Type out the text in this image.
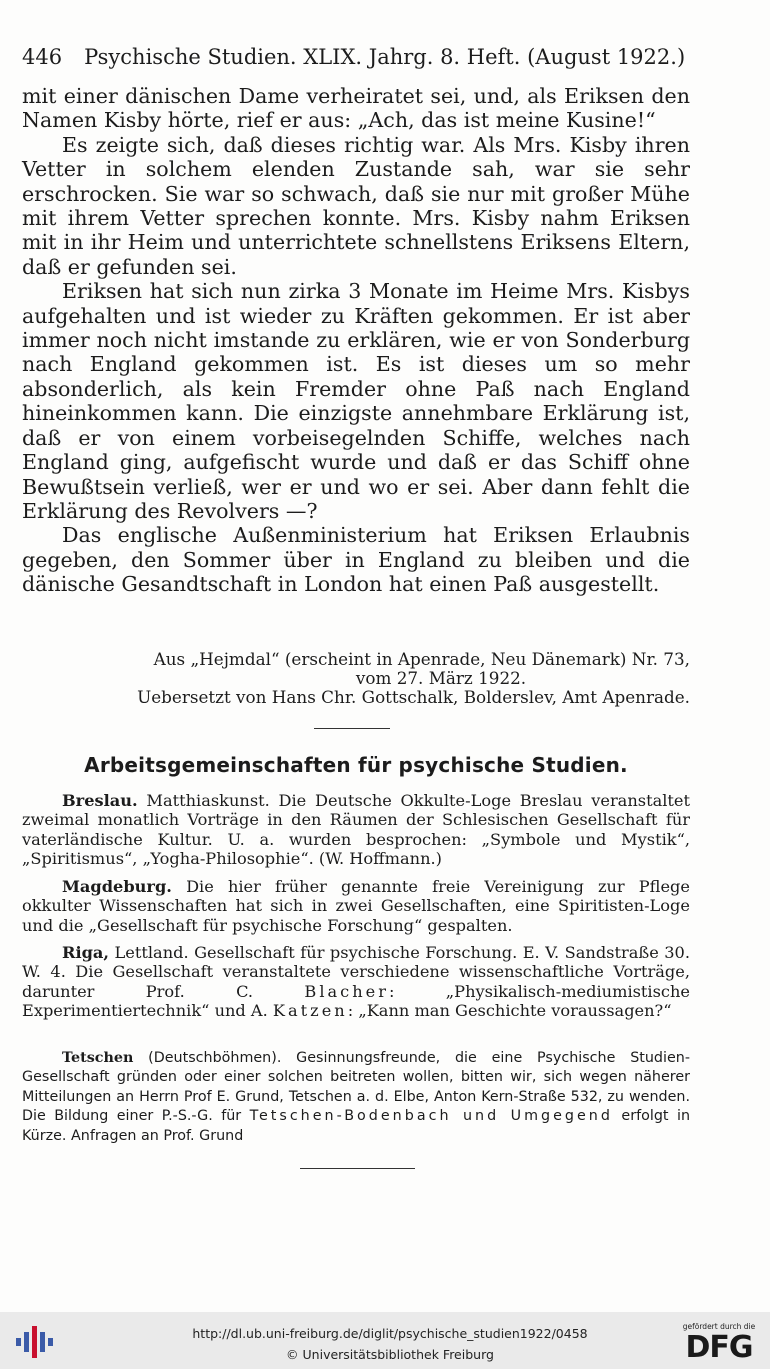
446 Psychische Studien. XLIX. Jahrg. 8. Heft. (August 1922.)

mit einer dänischen Dame verheiratet sei, und, als Eriksen den Namen Kisby hörte, rief er aus: „Ach, das ist meine Kusine!“

Es zeigte sich, daß dieses richtig war. Als Mrs. Kisby ihren Vetter in solchem elenden Zustande sah, war sie sehr erschrocken. Sie war so schwach, daß sie nur mit großer Mühe mit ihrem Vetter sprechen konnte. Mrs. Kisby nahm Eriksen mit in ihr Heim und unterrichtete schnellstens Eriksens Eltern, daß er gefunden sei.

Eriksen hat sich nun zirka 3 Monate im Heime Mrs. Kisbys aufgehalten und ist wieder zu Kräften gekommen. Er ist aber immer noch nicht imstande zu erklären, wie er von Sonderburg nach England gekommen ist. Es ist dieses um so mehr absonderlich, als kein Fremder ohne Paß nach England hineinkommen kann. Die einzigste annehmbare Erklärung ist, daß er von einem vorbeisegelnden Schiffe, welches nach England ging, aufgefischt wurde und daß er das Schiff ohne Bewußtsein verließ, wer er und wo er sei. Aber dann fehlt die Erklärung des Revolvers —?

Das englische Außenministerium hat Eriksen Erlaubnis gegeben, den Sommer über in England zu bleiben und die dänische Gesandtschaft in London hat einen Paß ausgestellt.

Aus „Hejmdal“ (erscheint in Apenrade, Neu Dänemark) Nr. 73,
vom 27. März 1922.
Uebersetzt von Hans Chr. Gottschalk, Bolderslev, Amt Apenrade.
Arbeitsgemeinschaften für psychische Studien.

Breslau. Matthiaskunst. Die Deutsche Okkulte-Loge Breslau veranstaltet zweimal monatlich Vorträge in den Räumen der Schlesischen Gesellschaft für vaterländische Kultur. U. a. wurden besprochen: „Symbole und Mystik“, „Spiritismus“, „Yogha-Philosophie“. (W. Hoffmann.)

Magdeburg. Die hier früher genannte freie Vereinigung zur Pflege okkulter Wissenschaften hat sich in zwei Gesellschaften, eine Spiritisten-Loge und die „Gesellschaft für psychische Forschung“ gespalten.

Riga, Lettland. Gesellschaft für psychische Forschung. E. V. Sandstraße 30. W. 4. Die Gesellschaft veranstaltete verschiedene wissenschaftliche Vorträge, darunter Prof. C.	Blacher: „Physikalisch-mediumistische Experimentiertechnik“ und A. Katzen: „Kann man Geschichte voraussagen?“

Tetschen (Deutschböhmen). Gesinnungsfreunde, die eine Psychische Studien-Gesellschaft gründen oder einer solchen beitreten wollen, bitten wir, sich wegen näherer Mitteilungen an Herrn Prof E. Grund, Tetschen a. d. Elbe, Anton Kern-Straße 532, zu wenden. Die Bildung einer P.-S.-G. für Tetschen-Bodenbach und Umgegend erfolgt in Kürze. Anfragen an Prof. Grund

http://dl.ub.uni-freiburg.de/diglit/psychische_studien1922/0458
© Universitätsbibliothek Freiburg
gefördert durch die
DFG
